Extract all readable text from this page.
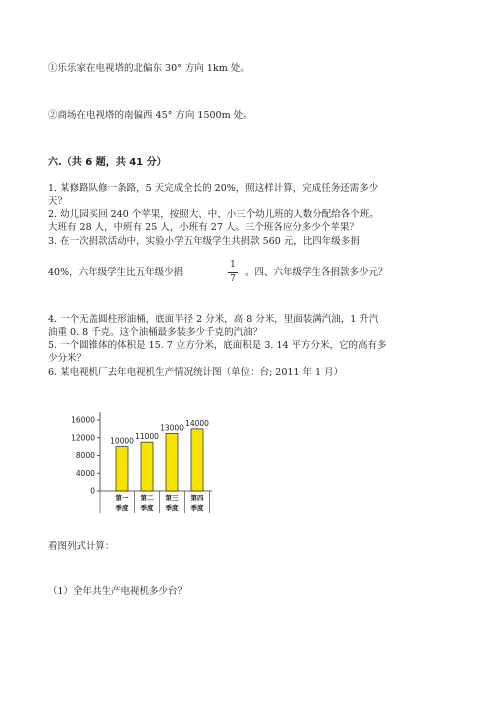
①乐乐家在电视塔的北偏东 30° 方向 1km 处。
②商场在电视塔的南偏西 45° 方向 1500m 处。
六.（共 6 题，共 41 分）
1. 某修路队修一条路，5 天完成全长的 20%，照这样计算，完成任务还需多少
天？
2. 幼儿园买回 240 个苹果，按照大、中、小三个幼儿班的人数分配给各个班。
大班有 28 人，中班有 25 人，小班有 27 人。三个班各应分多少个苹果？
3. 在一次捐款活动中，实验小学五年级学生共捐款 560 元，比四年级多捐
40%，六年级学生比五年级少捐
1
7
。四、六年级学生各捐款多少元？
4. 一个无盖圆柱形油桶，底面半径 2 分米，高 8 分米，里面装满汽油，1 升汽
油重 0. 8 千克。这个油桶最多装多少千克的汽油？
5. 一个圆锥体的体积是 15. 7 立方分米，底面积是 3. 14 平方分米，它的高有多
少分米？
6. 某电视机厂去年电视机生产情况统计图（单位：台; 2011 年 1 月）
0
4000
8000
12000
16000
10000
第一
季度
11000
第二
季度
13000
第三
季度
14000
第四
季度
看图列式计算：
（1）全年共生产电视机多少台？
